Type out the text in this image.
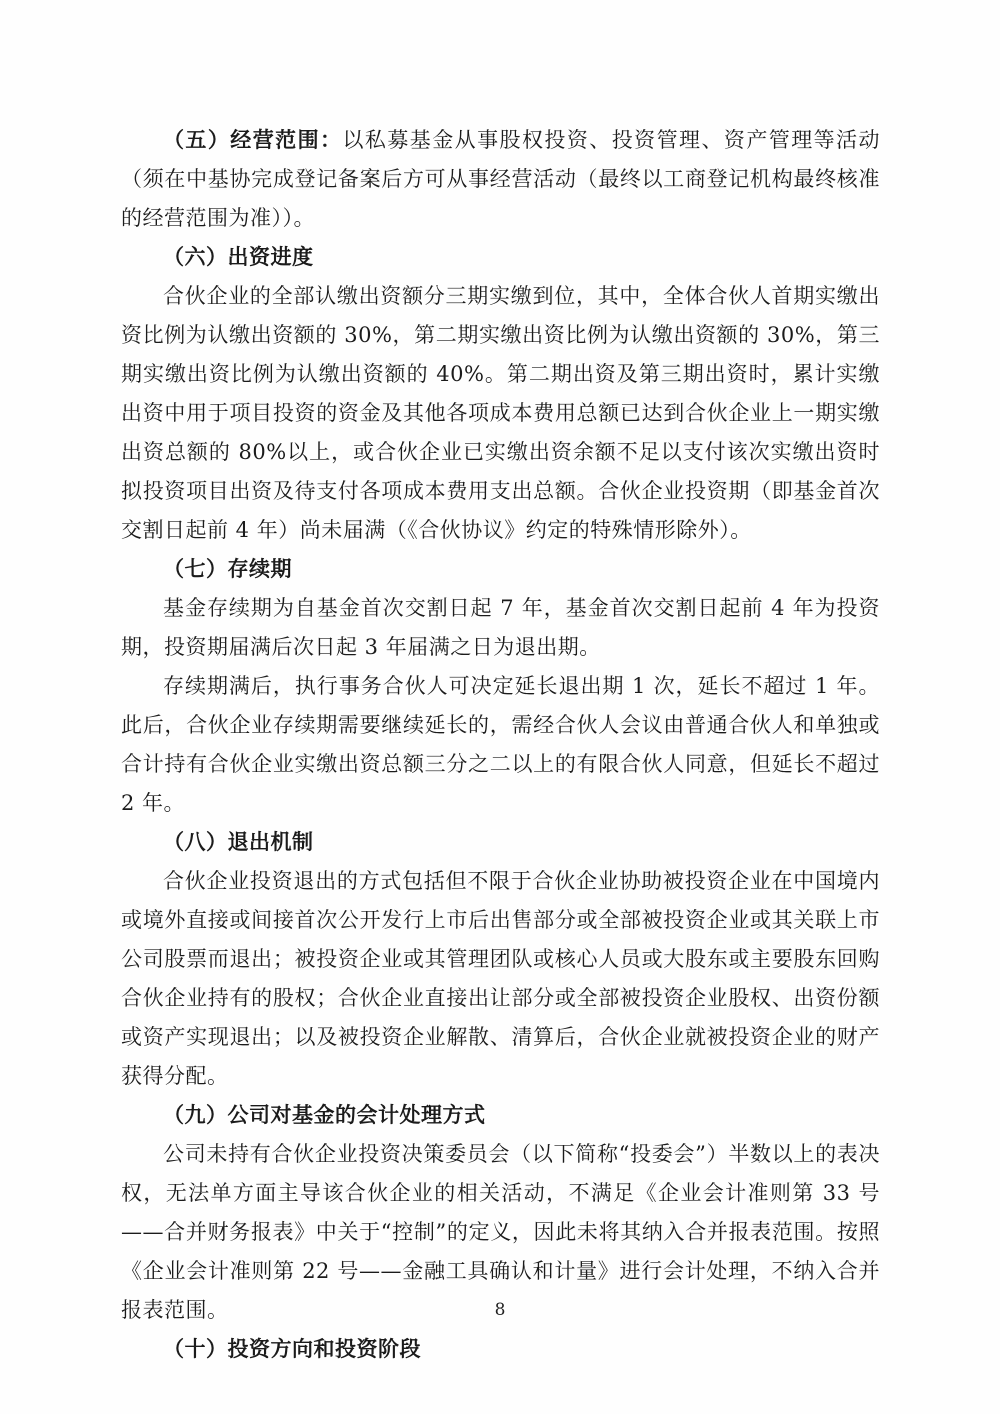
（五）经营范围：以私募基金从事股权投资、投资管理、资产管理等活动（须在中基协完成登记备案后方可从事经营活动（最终以工商登记机构最终核准的经营范围为准））。

（六）出资进度

合伙企业的全部认缴出资额分三期实缴到位，其中，全体合伙人首期实缴出资比例为认缴出资额的 30%，第二期实缴出资比例为认缴出资额的 30%，第三期实缴出资比例为认缴出资额的 40%。第二期出资及第三期出资时，累计实缴出资中用于项目投资的资金及其他各项成本费用总额已达到合伙企业上一期实缴出资总额的 80%以上，或合伙企业已实缴出资余额不足以支付该次实缴出资时拟投资项目出资及待支付各项成本费用支出总额。合伙企业投资期（即基金首次交割日起前 4 年）尚未届满（《合伙协议》约定的特殊情形除外）。

（七）存续期

基金存续期为自基金首次交割日起 7 年，基金首次交割日起前 4 年为投资期，投资期届满后次日起 3 年届满之日为退出期。

存续期满后，执行事务合伙人可决定延长退出期 1 次，延长不超过 1 年。此后，合伙企业存续期需要继续延长的，需经合伙人会议由普通合伙人和单独或合计持有合伙企业实缴出资总额三分之二以上的有限合伙人同意，但延长不超过 2 年。

（八）退出机制

合伙企业投资退出的方式包括但不限于合伙企业协助被投资企业在中国境内或境外直接或间接首次公开发行上市后出售部分或全部被投资企业或其关联上市公司股票而退出；被投资企业或其管理团队或核心人员或大股东或主要股东回购合伙企业持有的股权；合伙企业直接出让部分或全部被投资企业股权、出资份额或资产实现退出；以及被投资企业解散、清算后，合伙企业就被投资企业的财产获得分配。

（九）公司对基金的会计处理方式

公司未持有合伙企业投资决策委员会（以下简称“投委会”）半数以上的表决权，无法单方面主导该合伙企业的相关活动，不满足《企业会计准则第 33 号——合并财务报表》中关于“控制”的定义，因此未将其纳入合并报表范围。按照《企业会计准则第 22 号——金融工具确认和计量》进行会计处理，不纳入合并报表范围。

（十）投资方向和投资阶段

8
